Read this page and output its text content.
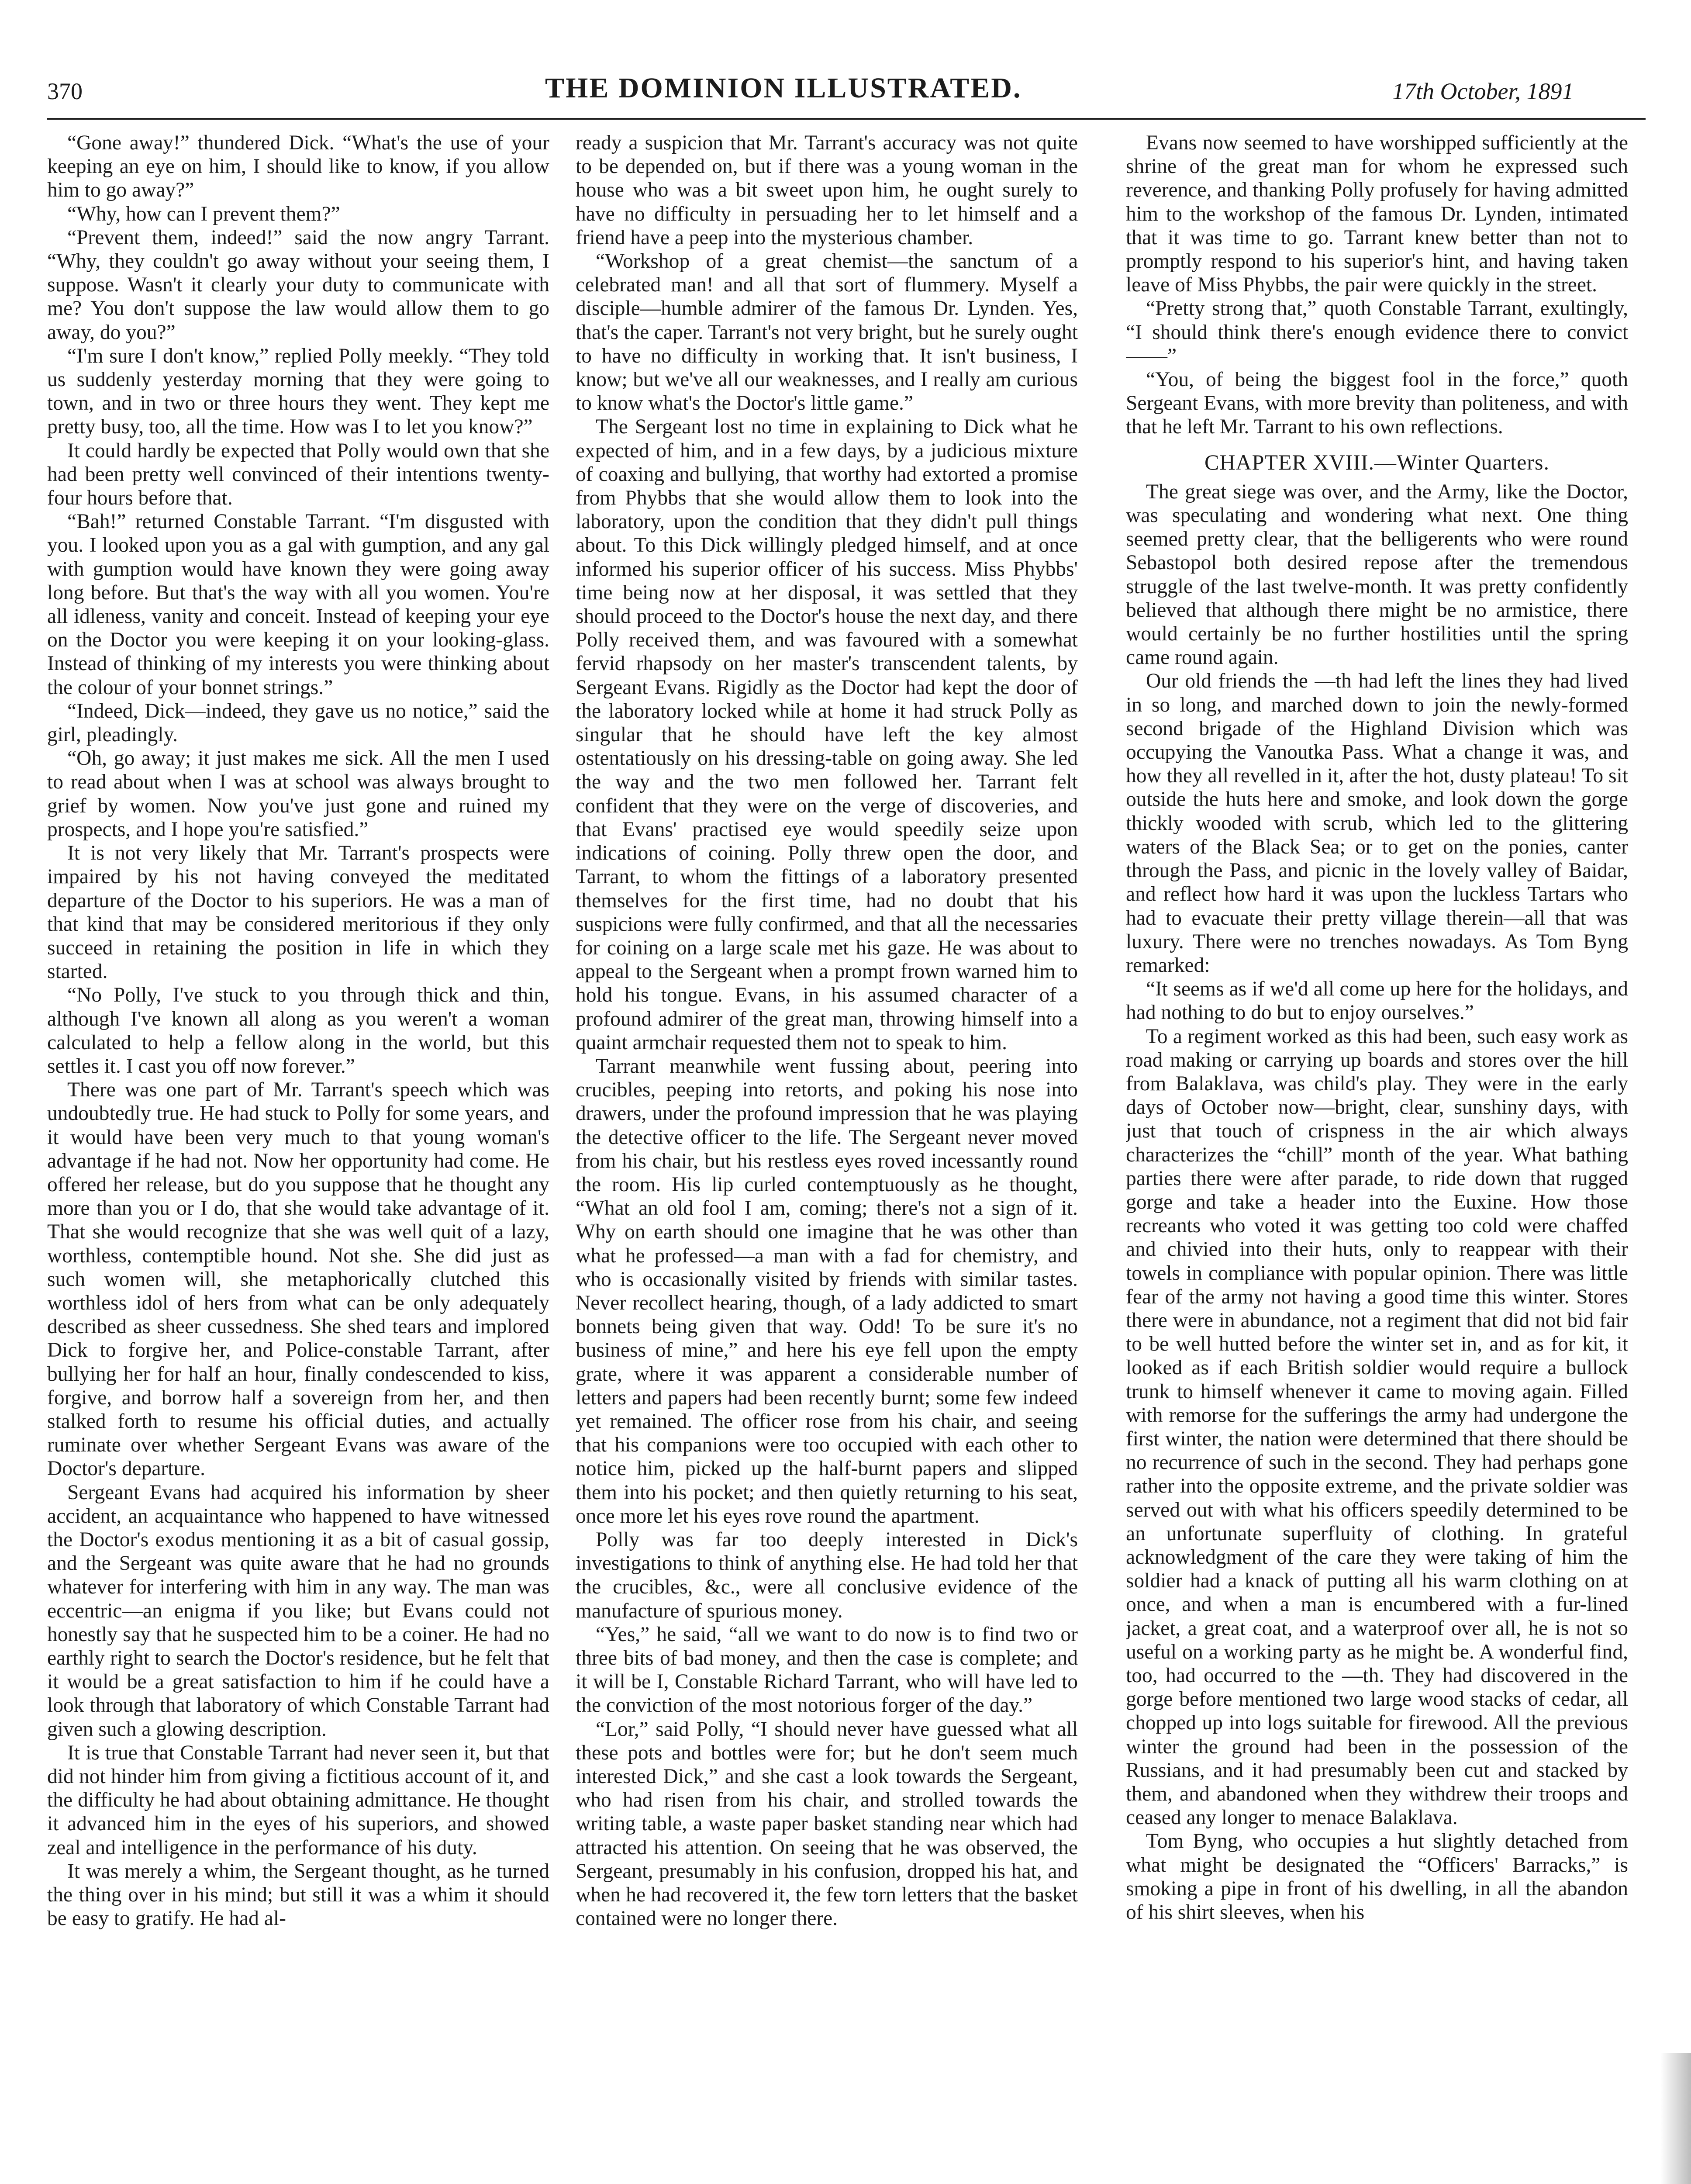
370	THE DOMINION ILLUSTRATED.	17th October, 1891

“Gone away!” thundered Dick. “What's the use of your keeping an eye on him, I should like to know, if you allow him to go away?”

“Why, how can I prevent them?”

“Prevent them, indeed!” said the now angry Tarrant. “Why, they couldn't go away without your seeing them, I suppose. Wasn't it clearly your duty to communicate with me? You don't suppose the law would allow them to go away, do you?”

“I'm sure I don't know,” replied Polly meekly. “They told us suddenly yesterday morning that they were going to town, and in two or three hours they went. They kept me pretty busy, too, all the time. How was I to let you know?”

It could hardly be expected that Polly would own that she had been pretty well convinced of their intentions twenty-four hours before that.

“Bah!” returned Constable Tarrant. “I'm disgusted with you. I looked upon you as a gal with gumption, and any gal with gumption would have known they were going away long before. But that's the way with all you women. You're all idleness, vanity and conceit. Instead of keeping your eye on the Doctor you were keeping it on your looking-glass. Instead of thinking of my interests you were thinking about the colour of your bonnet strings.”

“Indeed, Dick—indeed, they gave us no notice,” said the girl, pleadingly.

“Oh, go away; it just makes me sick. All the men I used to read about when I was at school was always brought to grief by women. Now you've just gone and ruined my prospects, and I hope you're satisfied.”

It is not very likely that Mr. Tarrant's prospects were impaired by his not having conveyed the meditated departure of the Doctor to his superiors. He was a man of that kind that may be considered meritorious if they only succeed in retaining the position in life in which they started.

“No Polly, I've stuck to you through thick and thin, although I've known all along as you weren't a woman calculated to help a fellow along in the world, but this settles it. I cast you off now forever.”

There was one part of Mr. Tarrant's speech which was undoubtedly true. He had stuck to Polly for some years, and it would have been very much to that young woman's advantage if he had not. Now her opportunity had come. He offered her release, but do you suppose that he thought any more than you or I do, that she would take advantage of it. That she would recognize that she was well quit of a lazy, worthless, contemptible hound. Not she. She did just as such women will, she metaphorically clutched this worthless idol of hers from what can be only adequately described as sheer cussedness. She shed tears and implored Dick to forgive her, and Police-constable Tarrant, after bullying her for half an hour, finally condescended to kiss, forgive, and borrow half a sovereign from her, and then stalked forth to resume his official duties, and actually ruminate over whether Sergeant Evans was aware of the Doctor's departure.

Sergeant Evans had acquired his information by sheer accident, an acquaintance who happened to have witnessed the Doctor's exodus mentioning it as a bit of casual gossip, and the Sergeant was quite aware that he had no grounds whatever for interfering with him in any way. The man was eccentric—an enigma if you like; but Evans could not honestly say that he suspected him to be a coiner. He had no earthly right to search the Doctor's residence, but he felt that it would be a great satisfaction to him if he could have a look through that laboratory of which Constable Tarrant had given such a glowing description.

It is true that Constable Tarrant had never seen it, but that did not hinder him from giving a fictitious account of it, and the difficulty he had about obtaining admittance. He thought it advanced him in the eyes of his superiors, and showed zeal and intelligence in the performance of his duty.

It was merely a whim, the Sergeant thought, as he turned the thing over in his mind; but still it was a whim it should be easy to gratify. He had al-

ready a suspicion that Mr. Tarrant's accuracy was not quite to be depended on, but if there was a young woman in the house who was a bit sweet upon him, he ought surely to have no difficulty in persuading her to let himself and a friend have a peep into the mysterious chamber.

“Workshop of a great chemist—the sanctum of a celebrated man! and all that sort of flummery. Myself a disciple—humble admirer of the famous Dr. Lynden. Yes, that's the caper. Tarrant's not very bright, but he surely ought to have no difficulty in working that. It isn't business, I know; but we've all our weaknesses, and I really am curious to know what's the Doctor's little game.”

The Sergeant lost no time in explaining to Dick what he expected of him, and in a few days, by a judicious mixture of coaxing and bullying, that worthy had extorted a promise from Phybbs that she would allow them to look into the laboratory, upon the condition that they didn't pull things about. To this Dick willingly pledged himself, and at once informed his superior officer of his success. Miss Phybbs' time being now at her disposal, it was settled that they should proceed to the Doctor's house the next day, and there Polly received them, and was favoured with a somewhat fervid rhapsody on her master's transcendent talents, by Sergeant Evans. Rigidly as the Doctor had kept the door of the laboratory locked while at home it had struck Polly as singular that he should have left the key almost ostentatiously on his dressing-table on going away. She led the way and the two men followed her. Tarrant felt confident that they were on the verge of discoveries, and that Evans' practised eye would speedily seize upon indications of coining. Polly threw open the door, and Tarrant, to whom the fittings of a laboratory presented themselves for the first time, had no doubt that his suspicions were fully confirmed, and that all the necessaries for coining on a large scale met his gaze. He was about to appeal to the Sergeant when a prompt frown warned him to hold his tongue. Evans, in his assumed character of a profound admirer of the great man, throwing himself into a quaint armchair requested them not to speak to him.

Tarrant meanwhile went fussing about, peering into crucibles, peeping into retorts, and poking his nose into drawers, under the profound impression that he was playing the detective officer to the life. The Sergeant never moved from his chair, but his restless eyes roved incessantly round the room. His lip curled contemptuously as he thought, “What an old fool I am, coming; there's not a sign of it. Why on earth should one imagine that he was other than what he professed—a man with a fad for chemistry, and who is occasionally visited by friends with similar tastes. Never recollect hearing, though, of a lady addicted to smart bonnets being given that way. Odd! To be sure it's no business of mine,” and here his eye fell upon the empty grate, where it was apparent a considerable number of letters and papers had been recently burnt; some few indeed yet remained. The officer rose from his chair, and seeing that his companions were too occupied with each other to notice him, picked up the half-burnt papers and slipped them into his pocket; and then quietly returning to his seat, once more let his eyes rove round the apartment.

Polly was far too deeply interested in Dick's investigations to think of anything else. He had told her that the crucibles, &c., were all conclusive evidence of the manufacture of spurious money.

“Yes,” he said, “all we want to do now is to find two or three bits of bad money, and then the case is complete; and it will be I, Constable Richard Tarrant, who will have led to the conviction of the most notorious forger of the day.”

“Lor,” said Polly, “I should never have guessed what all these pots and bottles were for; but he don't seem much interested Dick,” and she cast a look towards the Sergeant, who had risen from his chair, and strolled towards the writing table, a waste paper basket standing near which had attracted his attention. On seeing that he was observed, the Sergeant, presumably in his confusion, dropped his hat, and when he had recovered it, the few torn letters that the basket contained were no longer there.

Evans now seemed to have worshipped sufficiently at the shrine of the great man for whom he expressed such reverence, and thanking Polly profusely for having admitted him to the workshop of the famous Dr. Lynden, intimated that it was time to go. Tarrant knew better than not to promptly respond to his superior's hint, and having taken leave of Miss Phybbs, the pair were quickly in the street.

“Pretty strong that,” quoth Constable Tarrant, exultingly, “I should think there's enough evidence there to convict——”

“You, of being the biggest fool in the force,” quoth Sergeant Evans, with more brevity than politeness, and with that he left Mr. Tarrant to his own reflections.

CHAPTER XVIII.—Winter Quarters.

The great siege was over, and the Army, like the Doctor, was speculating and wondering what next. One thing seemed pretty clear, that the belligerents who were round Sebastopol both desired repose after the tremendous struggle of the last twelve-month. It was pretty confidently believed that although there might be no armistice, there would certainly be no further hostilities until the spring came round again.

Our old friends the —th had left the lines they had lived in so long, and marched down to join the newly-formed second brigade of the Highland Division which was occupying the Vanoutka Pass. What a change it was, and how they all revelled in it, after the hot, dusty plateau! To sit outside the huts here and smoke, and look down the gorge thickly wooded with scrub, which led to the glittering waters of the Black Sea; or to get on the ponies, canter through the Pass, and picnic in the lovely valley of Baidar, and reflect how hard it was upon the luckless Tartars who had to evacuate their pretty village therein—all that was luxury. There were no trenches nowadays. As Tom Byng remarked:

“It seems as if we'd all come up here for the holidays, and had nothing to do but to enjoy ourselves.”

To a regiment worked as this had been, such easy work as road making or carrying up boards and stores over the hill from Balaklava, was child's play. They were in the early days of October now—bright, clear, sunshiny days, with just that touch of crispness in the air which always characterizes the “chill” month of the year. What bathing parties there were after parade, to ride down that rugged gorge and take a header into the Euxine. How those recreants who voted it was getting too cold were chaffed and chivied into their huts, only to reappear with their towels in compliance with popular opinion. There was little fear of the army not having a good time this winter. Stores there were in abundance, not a regiment that did not bid fair to be well hutted before the winter set in, and as for kit, it looked as if each British soldier would require a bullock trunk to himself whenever it came to moving again. Filled with remorse for the sufferings the army had undergone the first winter, the nation were determined that there should be no recurrence of such in the second. They had perhaps gone rather into the opposite extreme, and the private soldier was served out with what his officers speedily determined to be an unfortunate superfluity of clothing. In grateful acknowledgment of the care they were taking of him the soldier had a knack of putting all his warm clothing on at once, and when a man is encumbered with a fur-lined jacket, a great coat, and a waterproof over all, he is not so useful on a working party as he might be. A wonderful find, too, had occurred to the —th. They had discovered in the gorge before mentioned two large wood stacks of cedar, all chopped up into logs suitable for firewood. All the previous winter the ground had been in the possession of the Russians, and it had presumably been cut and stacked by them, and abandoned when they withdrew their troops and ceased any longer to menace Balaklava.

Tom Byng, who occupies a hut slightly detached from what might be designated the “Officers' Barracks,” is smoking a pipe in front of his dwelling, in all the abandon of his shirt sleeves, when his
